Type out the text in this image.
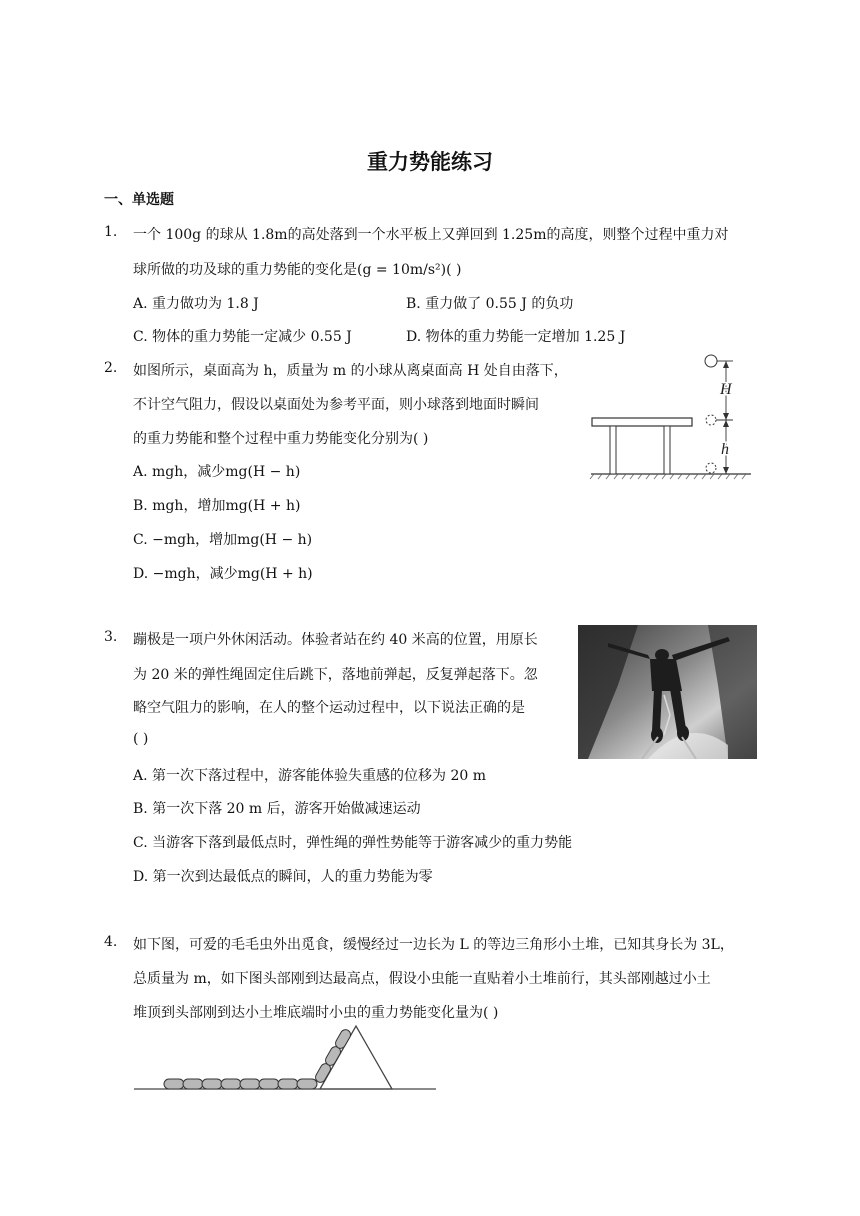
重力势能练习
一、单选题
1. 一个 100g 的球从 1.8m的高处落到一个水平板上又弹回到 1.25m的高度，则整个过程中重力对
球所做的功及球的重力势能的变化是(g = 10m/s²)( )
A. 重力做功为 1.8 J	B. 重力做了 0.55 J 的负功
C. 物体的重力势能一定减少 0.55 J	D. 物体的重力势能一定增加 1.25 J
2. 如图所示，桌面高为 h，质量为 m 的小球从离桌面高 H 处自由落下，
不计空气阻力，假设以桌面处为参考平面，则小球落到地面时瞬间
的重力势能和整个过程中重力势能变化分别为( )
A. mgh，减少mg(H − h)
B. mgh，增加mg(H + h)
C. −mgh，增加mg(H − h)
D. −mgh，减少mg(H + h)
H
h
3. 蹦极是一项户外休闲活动。体验者站在约 40 米高的位置，用原长
为 20 米的弹性绳固定住后跳下，落地前弹起，反复弹起落下。忽
略空气阻力的影响，在人的整个运动过程中，以下说法正确的是
( )
A. 第一次下落过程中，游客能体验失重感的位移为 20 m
B. 第一次下落 20 m 后，游客开始做减速运动
C. 当游客下落到最低点时，弹性绳的弹性势能等于游客减少的重力势能
D. 第一次到达最低点的瞬间，人的重力势能为零
4. 如下图，可爱的毛毛虫外出觅食，缓慢经过一边长为 L 的等边三角形小土堆，已知其身长为 3L，
总质量为 m，如下图头部刚到达最高点，假设小虫能一直贴着小土堆前行，其头部刚越过小土
堆顶到头部刚到达小土堆底端时小虫的重力势能变化量为( )
